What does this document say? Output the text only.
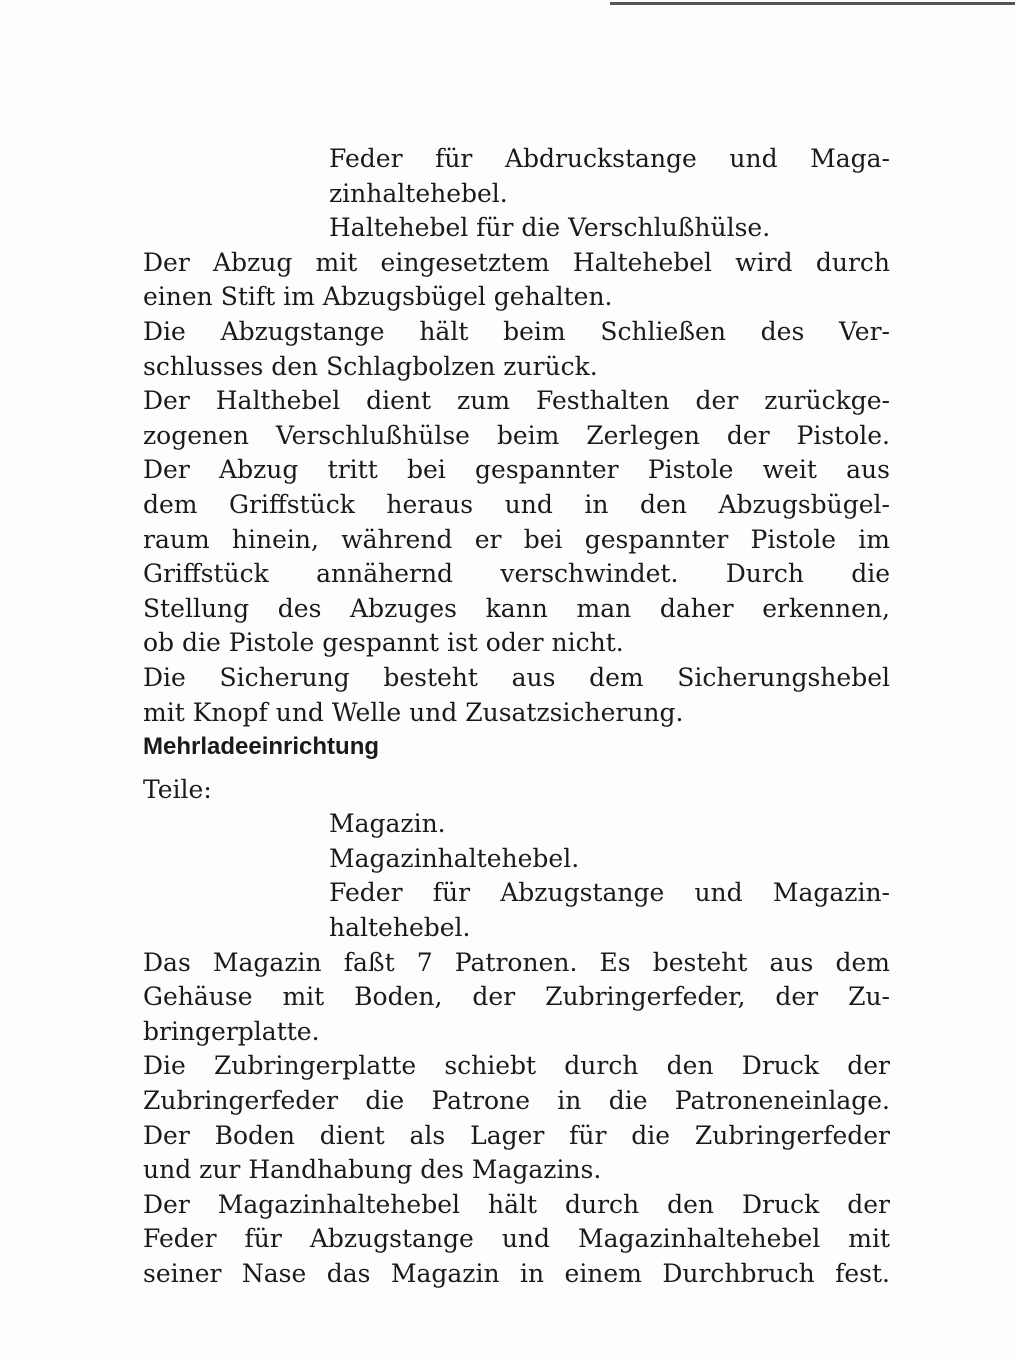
Feder für Abdruckstange und Maga-
zinhaltehebel.
Haltehebel für die Verschlußhülse.
Der Abzug mit eingesetztem Haltehebel wird durch
einen Stift im Abzugsbügel gehalten.
Die Abzugstange hält beim Schließen des Ver-
schlusses den Schlagbolzen zurück.
Der Halthebel dient zum Festhalten der zurückge-
zogenen Verschlußhülse beim Zerlegen der Pistole.
Der Abzug tritt bei gespannter Pistole weit aus
dem Griffstück heraus und in den Abzugsbügel-
raum hinein, während er bei gespannter Pistole im
Griffstück annähernd verschwindet. Durch die
Stellung des Abzuges kann man daher erkennen,
ob die Pistole gespannt ist oder nicht.
Die Sicherung besteht aus dem Sicherungshebel
mit Knopf und Welle und Zusatzsicherung.
Mehrladeeinrichtung
Teile:
Magazin.
Magazinhaltehebel.
Feder für Abzugstange und Magazin-
haltehebel.
Das Magazin faßt 7 Patronen. Es besteht aus dem
Gehäuse mit Boden, der Zubringerfeder, der Zu-
bringerplatte.
Die Zubringerplatte schiebt durch den Druck der
Zubringerfeder die Patrone in die Patroneneinlage.
Der Boden dient als Lager für die Zubringerfeder
und zur Handhabung des Magazins.
Der Magazinhaltehebel hält durch den Druck der
Feder für Abzugstange und Magazinhaltehebel mit
seiner Nase das Magazin in einem Durchbruch fest.
